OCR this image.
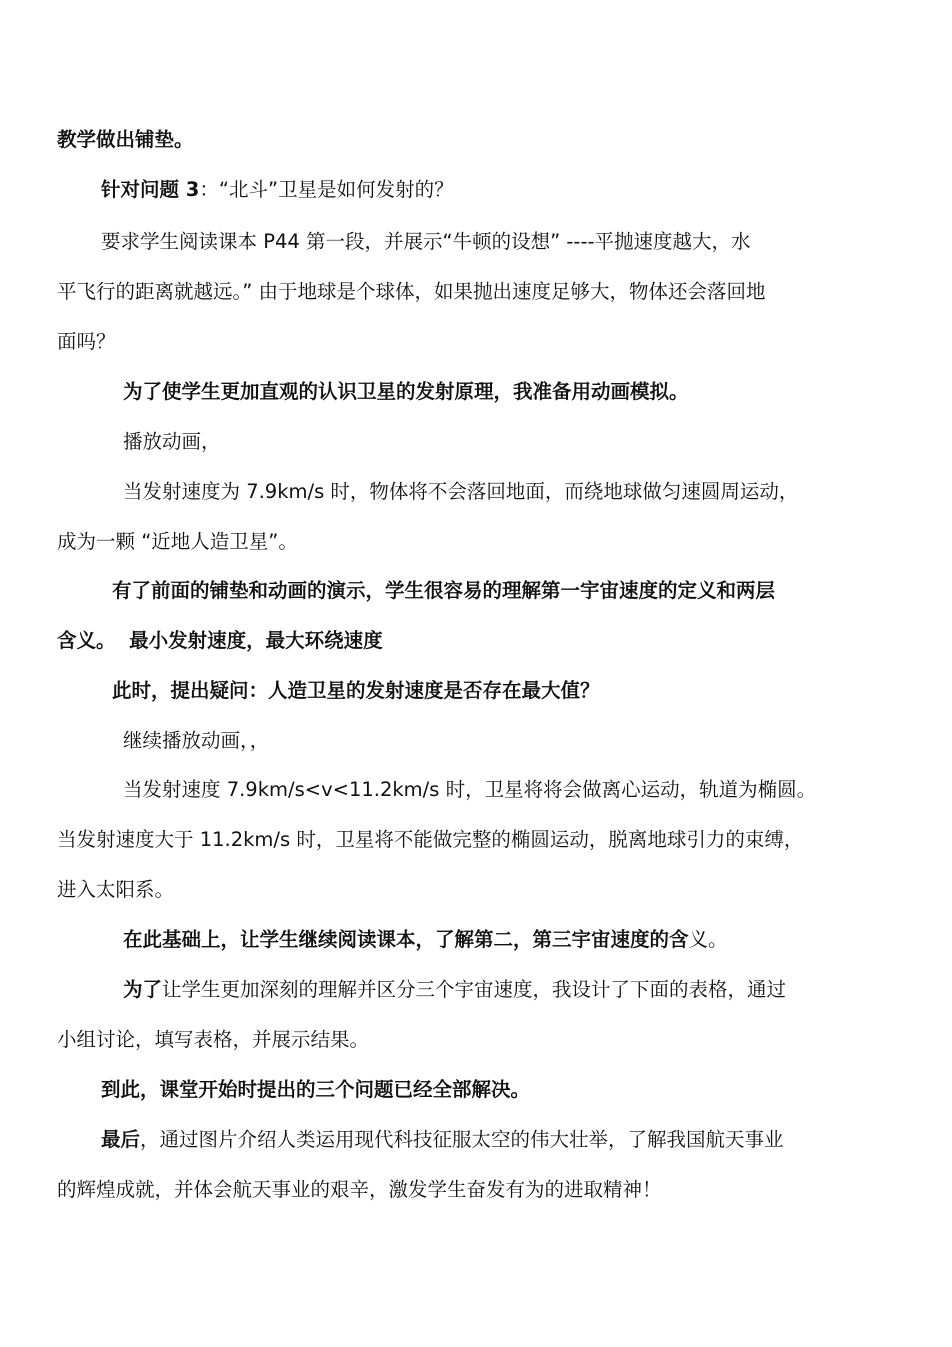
教学做出铺垫。
针对问题 3：“北斗”卫星是如何发射的？
要求学生阅读课本 P44 第一段，并展示“牛顿的设想” ----平抛速度越大，水
平飞行的距离就越远。” 由于地球是个球体，如果抛出速度足够大，物体还会落回地
面吗？
为了使学生更加直观的认识卫星的发射原理，我准备用动画模拟。
播放动画，
当发射速度为 7.9km/s 时，物体将不会落回地面，而绕地球做匀速圆周运动，
成为一颗 “近地人造卫星”。
有了前面的铺垫和动画的演示，学生很容易的理解第一宇宙速度的定义和两层
含义。  最小发射速度，最大环绕速度
此时，提出疑问：人造卫星的发射速度是否存在最大值？
继续播放动画，，
当发射速度 7.9km/s<v<11.2km/s 时，卫星将将会做离心运动，轨道为椭圆。
当发射速度大于 11.2km/s 时，卫星将不能做完整的椭圆运动，脱离地球引力的束缚，
进入太阳系。
在此基础上，让学生继续阅读课本，了解第二，第三宇宙速度的含义。
为了让学生更加深刻的理解并区分三个宇宙速度，我设计了下面的表格，通过
小组讨论，填写表格，并展示结果。
到此，课堂开始时提出的三个问题已经全部解决。
最后，通过图片介绍人类运用现代科技征服太空的伟大壮举，了解我国航天事业
的辉煌成就，并体会航天事业的艰辛，激发学生奋发有为的进取精神！
